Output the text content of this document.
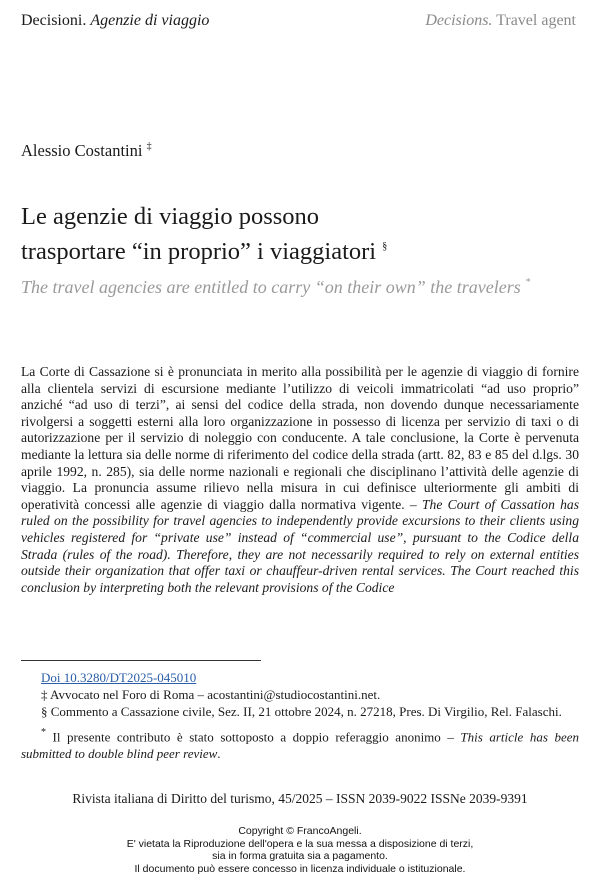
Decisioni. Agenzie di viaggio	Decisions. Travel agent
Alessio Costantini ‡
Le agenzie di viaggio possono
trasportare “in proprio” i viaggiatori §
The travel agencies are entitled to carry “on their own” the travelers *
La Corte di Cassazione si è pronunciata in merito alla possibilità per le agenzie di viaggio di fornire alla clientela servizi di escursione mediante l’utilizzo di veicoli immatricolati “ad uso proprio” anziché “ad uso di terzi”, ai sensi del codice della strada, non dovendo dunque necessariamente rivolgersi a soggetti esterni alla loro organizzazione in possesso di licenza per servizio di taxi o di autorizzazione per il servizio di noleggio con conducente. A tale conclusione, la Corte è pervenuta mediante la lettura sia delle norme di riferimento del codice della strada (artt. 82, 83 e 85 del d.lgs. 30 aprile 1992, n. 285), sia delle norme nazionali e regionali che disciplinano l’attività delle agenzie di viaggio. La pronuncia assume rilievo nella misura in cui definisce ulteriormente gli ambiti di operatività concessi alle agenzie di viaggio dalla normativa vigente. – The Court of Cassation has ruled on the possibility for travel agencies to independently provide excursions to their clients using vehicles registered for “private use” instead of “commercial use”, pursuant to the Codice della Strada (rules of the road). Therefore, they are not necessarily required to rely on external entities outside their organization that offer taxi or chauffeur-driven rental services. The Court reached this conclusion by interpreting both the relevant provisions of the Codice

Doi 10.3280/DT2025-045010

‡ Avvocato nel Foro di Roma – acostantini@studiocostantini.net.

§ Commento a Cassazione civile, Sez. II, 21 ottobre 2024, n. 27218, Pres. Di Virgilio, Rel. Falaschi.

* Il presente contributo è stato sottoposto a doppio referaggio anonimo – This article has been submitted to double blind peer review.

Rivista italiana di Diritto del turismo, 45/2025 – ISSN 2039-9022 ISSNe 2039-9391
Copyright © FrancoAngeli.
E' vietata la Riproduzione dell'opera e la sua messa a disposizione di terzi,
sia in forma gratuita sia a pagamento.
Il documento può essere concesso in licenza individuale o istituzionale.
